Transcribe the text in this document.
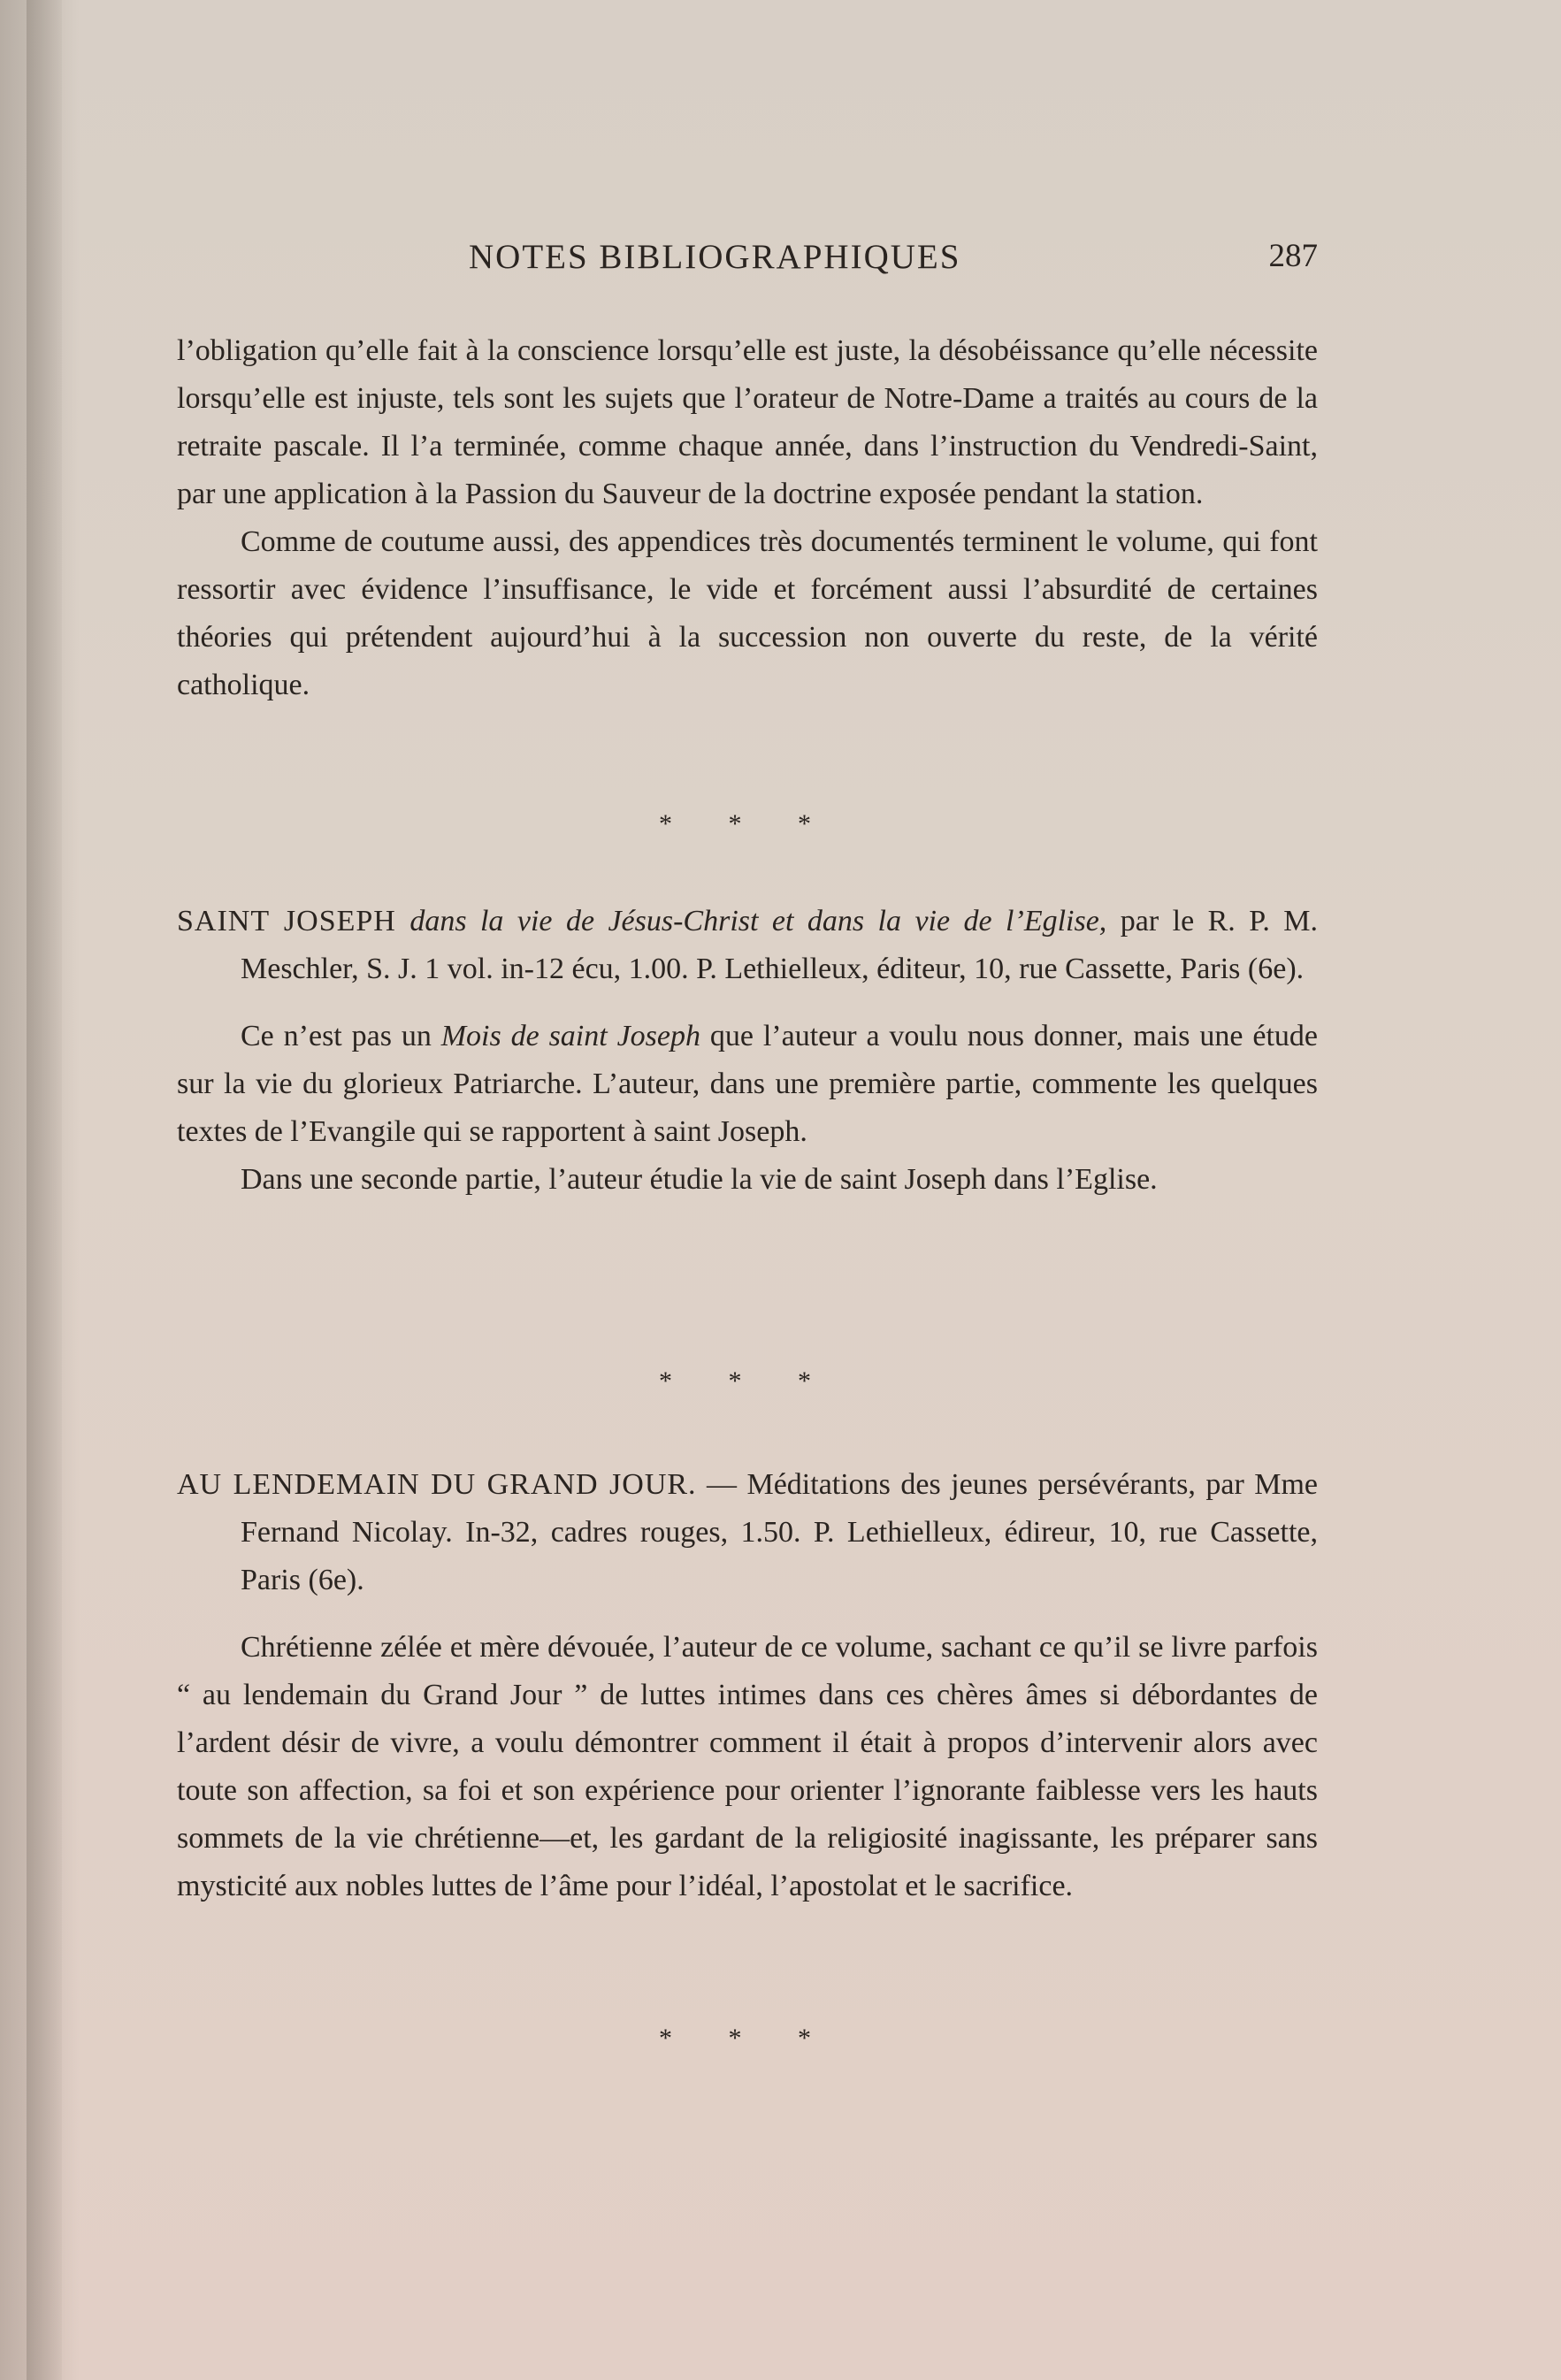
NOTES BIBLIOGRAPHIQUES	287

l’obligation qu’elle fait à la conscience lorsqu’elle est juste, la désobéissance qu’elle nécessite lorsqu’elle est injuste, tels sont les sujets que l’orateur de Notre-Dame a traités au cours de la retraite pascale. Il l’a terminée, comme chaque année, dans l’instruction du Vendredi-Saint, par une application à la Passion du Sauveur de la doctrine exposée pendant la station.

Comme de coutume aussi, des appendices très documentés terminent le volume, qui font ressortir avec évidence l’insuffisance, le vide et forcément aussi l’absurdité de certaines théories qui prétendent aujourd’hui à la succession non ouverte du reste, de la vérité catholique.

* * *

SAINT JOSEPH dans la vie de Jésus-Christ et dans la vie de l’Eglise, par le R. P. M. Meschler, S. J. 1 vol. in-12 écu, 1.00. P. Lethielleux, éditeur, 10, rue Cassette, Paris (6e).

Ce n’est pas un Mois de saint Joseph que l’auteur a voulu nous donner, mais une étude sur la vie du glorieux Patriarche. L’auteur, dans une première partie, commente les quelques textes de l’Evangile qui se rapportent à saint Joseph.

Dans une seconde partie, l’auteur étudie la vie de saint Joseph dans l’Eglise.

* * *

AU LENDEMAIN DU GRAND JOUR. — Méditations des jeunes persévérants, par Mme Fernand Nicolay. In-32, cadres rouges, 1.50. P. Lethielleux, édireur, 10, rue Cassette, Paris (6e).

Chrétienne zélée et mère dévouée, l’auteur de ce volume, sachant ce qu’il se livre parfois “ au lendemain du Grand Jour ” de luttes intimes dans ces chères âmes si débordantes de l’ardent désir de vivre, a voulu démontrer comment il était à propos d’intervenir alors avec toute son affection, sa foi et son expérience pour orienter l’ignorante faiblesse vers les hauts sommets de la vie chrétienne—et, les gardant de la religiosité inagissante, les préparer sans mysticité aux nobles luttes de l’âme pour l’idéal, l’apostolat et le sacrifice.

* * *
